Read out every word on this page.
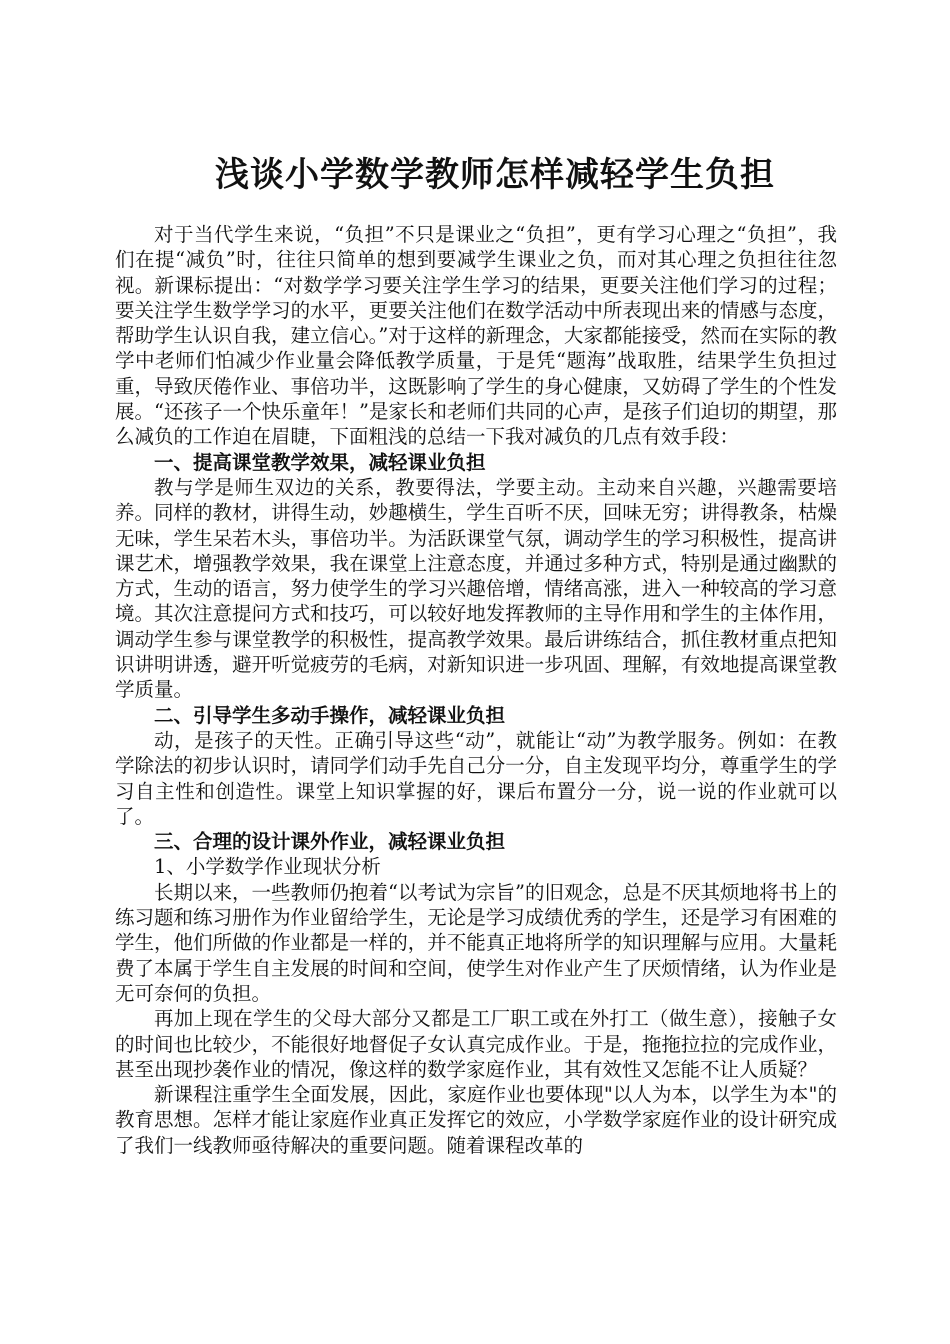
浅谈小学数学教师怎样减轻学生负担

对于当代学生来说，“负担”不只是课业之“负担”，更有学习心理之“负担”，我们在提“减负”时，往往只简单的想到要减学生课业之负，而对其心理之负担往往忽视。新课标提出：“对数学学习要关注学生学习的结果，更要关注他们学习的过程；要关注学生数学学习的水平，更要关注他们在数学活动中所表现出来的情感与态度，帮助学生认识自我，建立信心。”对于这样的新理念，大家都能接受，然而在实际的教学中老师们怕减少作业量会降低教学质量，于是凭“题海”战取胜，结果学生负担过重，导致厌倦作业、事倍功半，这既影响了学生的身心健康，又妨碍了学生的个性发展。“还孩子一个快乐童年！”是家长和老师们共同的心声，是孩子们迫切的期望，那么减负的工作迫在眉睫，下面粗浅的总结一下我对减负的几点有效手段：

一、提高课堂教学效果，减轻课业负担

教与学是师生双边的关系，教要得法，学要主动。主动来自兴趣，兴趣需要培养。同样的教材，讲得生动，妙趣横生，学生百听不厌，回味无穷；讲得教条，枯燥无味，学生呆若木头，事倍功半。为活跃课堂气氛，调动学生的学习积极性，提高讲课艺术，增强教学效果，我在课堂上注意态度，并通过多种方式，特别是通过幽默的方式，生动的语言，努力使学生的学习兴趣倍增，情绪高涨，进入一种较高的学习意境。其次注意提问方式和技巧，可以较好地发挥教师的主导作用和学生的主体作用，调动学生参与课堂教学的积极性，提高教学效果。最后讲练结合，抓住教材重点把知识讲明讲透，避开听觉疲劳的毛病，对新知识进一步巩固、理解，有效地提高课堂教学质量。

二、引导学生多动手操作，减轻课业负担

动，是孩子的天性。正确引导这些“动”，就能让“动”为教学服务。例如：在教学除法的初步认识时，请同学们动手先自己分一分，自主发现平均分，尊重学生的学习自主性和创造性。课堂上知识掌握的好，课后布置分一分，说一说的作业就可以了。

三、合理的设计课外作业，减轻课业负担

1、小学数学作业现状分析

长期以来，一些教师仍抱着“以考试为宗旨”的旧观念，总是不厌其烦地将书上的练习题和练习册作为作业留给学生，无论是学习成绩优秀的学生，还是学习有困难的学生，他们所做的作业都是一样的，并不能真正地将所学的知识理解与应用。大量耗费了本属于学生自主发展的时间和空间，使学生对作业产生了厌烦情绪，认为作业是无可奈何的负担。

再加上现在学生的父母大部分又都是工厂职工或在外打工（做生意），接触子女的时间也比较少，不能很好地督促子女认真完成作业。于是，拖拖拉拉的完成作业，甚至出现抄袭作业的情况，像这样的数学家庭作业，其有效性又怎能不让人质疑？

新课程注重学生全面发展，因此，家庭作业也要体现"以人为本，以学生为本"的教育思想。怎样才能让家庭作业真正发挥它的效应，小学数学家庭作业的设计研究成了我们一线教师亟待解决的重要问题。随着课程改革的
